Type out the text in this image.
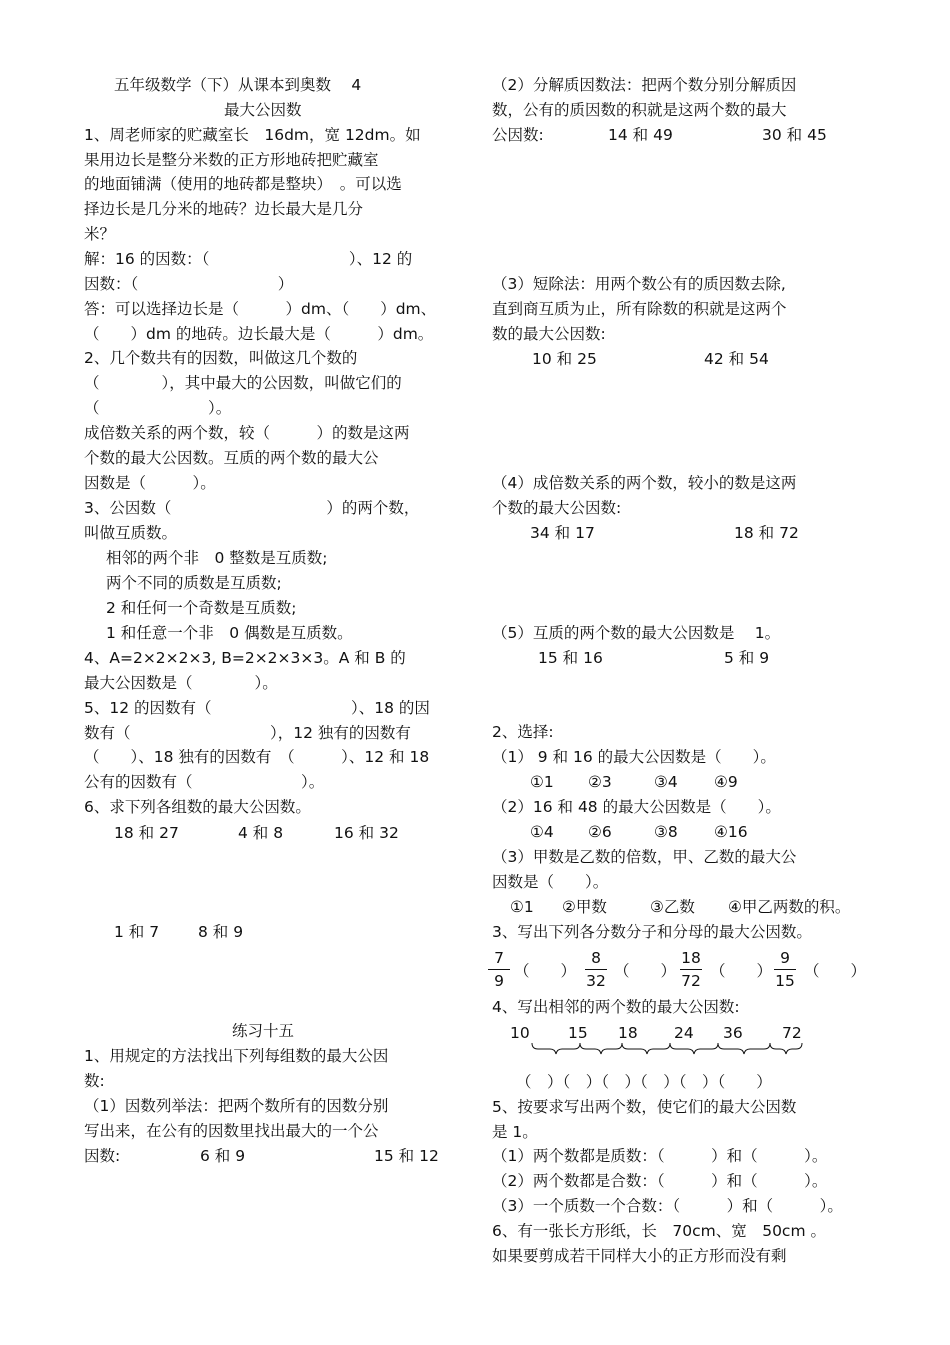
五年级数学（下）从课本到奥数　 4
最大公因数
1、周老师家的贮藏室长　16dm，宽 12dm。如
果用边长是整分米数的正方形地砖把贮藏室
的地面铺满（使用的地砖都是整块）　。可以选
择边长是几分米的地砖？边长最大是几分
米？
解：16 的因数：（　　　　　　　　　）、12 的
因数：（　　　　　　　　　）
答：可以选择边长是（　　　）dm、（　　）dm、
（　　）dm 的地砖。边长最大是（　　　）dm。
2、几个数共有的因数，叫做这几个数的
（　　　　），其中最大的公因数，叫做它们的
（　　　　　　　）。
成倍数关系的两个数，较（　　　）的数是这两
个数的最大公因数。互质的两个数的最大公
因数是（　　　）。
3、公因数（　　　　　　　　　　）的两个数，
叫做互质数。
相邻的两个非　0 整数是互质数;
两个不同的质数是互质数;
2 和任何一个奇数是互质数;
1 和任意一个非　0 偶数是互质数。
4、A=2×2×2×3, B=2×2×3×3。A 和 B 的
最大公因数是（　　　　）。
5、12 的因数有（　　　　　　　　　）、18 的因
数有（　　　　　　　　　），12 独有的因数有
（　　）、18 独有的因数有　（　　　）、12 和 18
公有的因数有（　　　　　　　）。
6、求下列各组数的最大公因数。
18 和 27	4 和 8	16 和 32
1 和 7	8 和 9
练习十五
1、用规定的方法找出下列每组数的最大公因
数:
（1）因数列举法：把两个数所有的因数分别
写出来，在公有的因数里找出最大的一个公
因数:	6 和 9	15 和 12
（2）分解质因数法：把两个数分别分解质因
数，公有的质因数的积就是这两个数的最大
公因数:	14 和 49	30 和 45
（3）短除法：用两个数公有的质因数去除,
直到商互质为止，所有除数的积就是这两个
数的最大公因数:
10 和 25	42 和 54
（4）成倍数关系的两个数，较小的数是这两
个数的最大公因数:
34 和 17	18 和 72
（5）互质的两个数的最大公因数是　 1。
15 和 16	5 和 9
2、选择:
（1） 9 和 16 的最大公因数是（　　）。
①1 ②3	③4 ④9
（2）16 和 48 的最大公因数是（　　）。
①4 ②6	③8 ④16
（3）甲数是乙数的倍数，甲、乙数的最大公
因数是（　　）。
①1 ②甲数	③乙数 ④甲乙两数的积。
3、写出下列各分数分子和分母的最大公因数。
7
9
（　　）
8
32
（　　）
18
72
（　　）
9
15
（　　）
4、写出相邻的两个数的最大公因数:
10 15 18 24 36	72
（　）（　）（　）（　）（　）（　　）
5、按要求写出两个数，使它们的最大公因数
是 1。
（1）两个数都是质数：（　　　）和（　　　）。
（2）两个数都是合数：（　　　）和（　　　）。
（3）一个质数一个合数：（　　　）和（　　　）。
6、有一张长方形纸，长　70cm、宽　50cm 。
如果要剪成若干同样大小的正方形而没有剩
